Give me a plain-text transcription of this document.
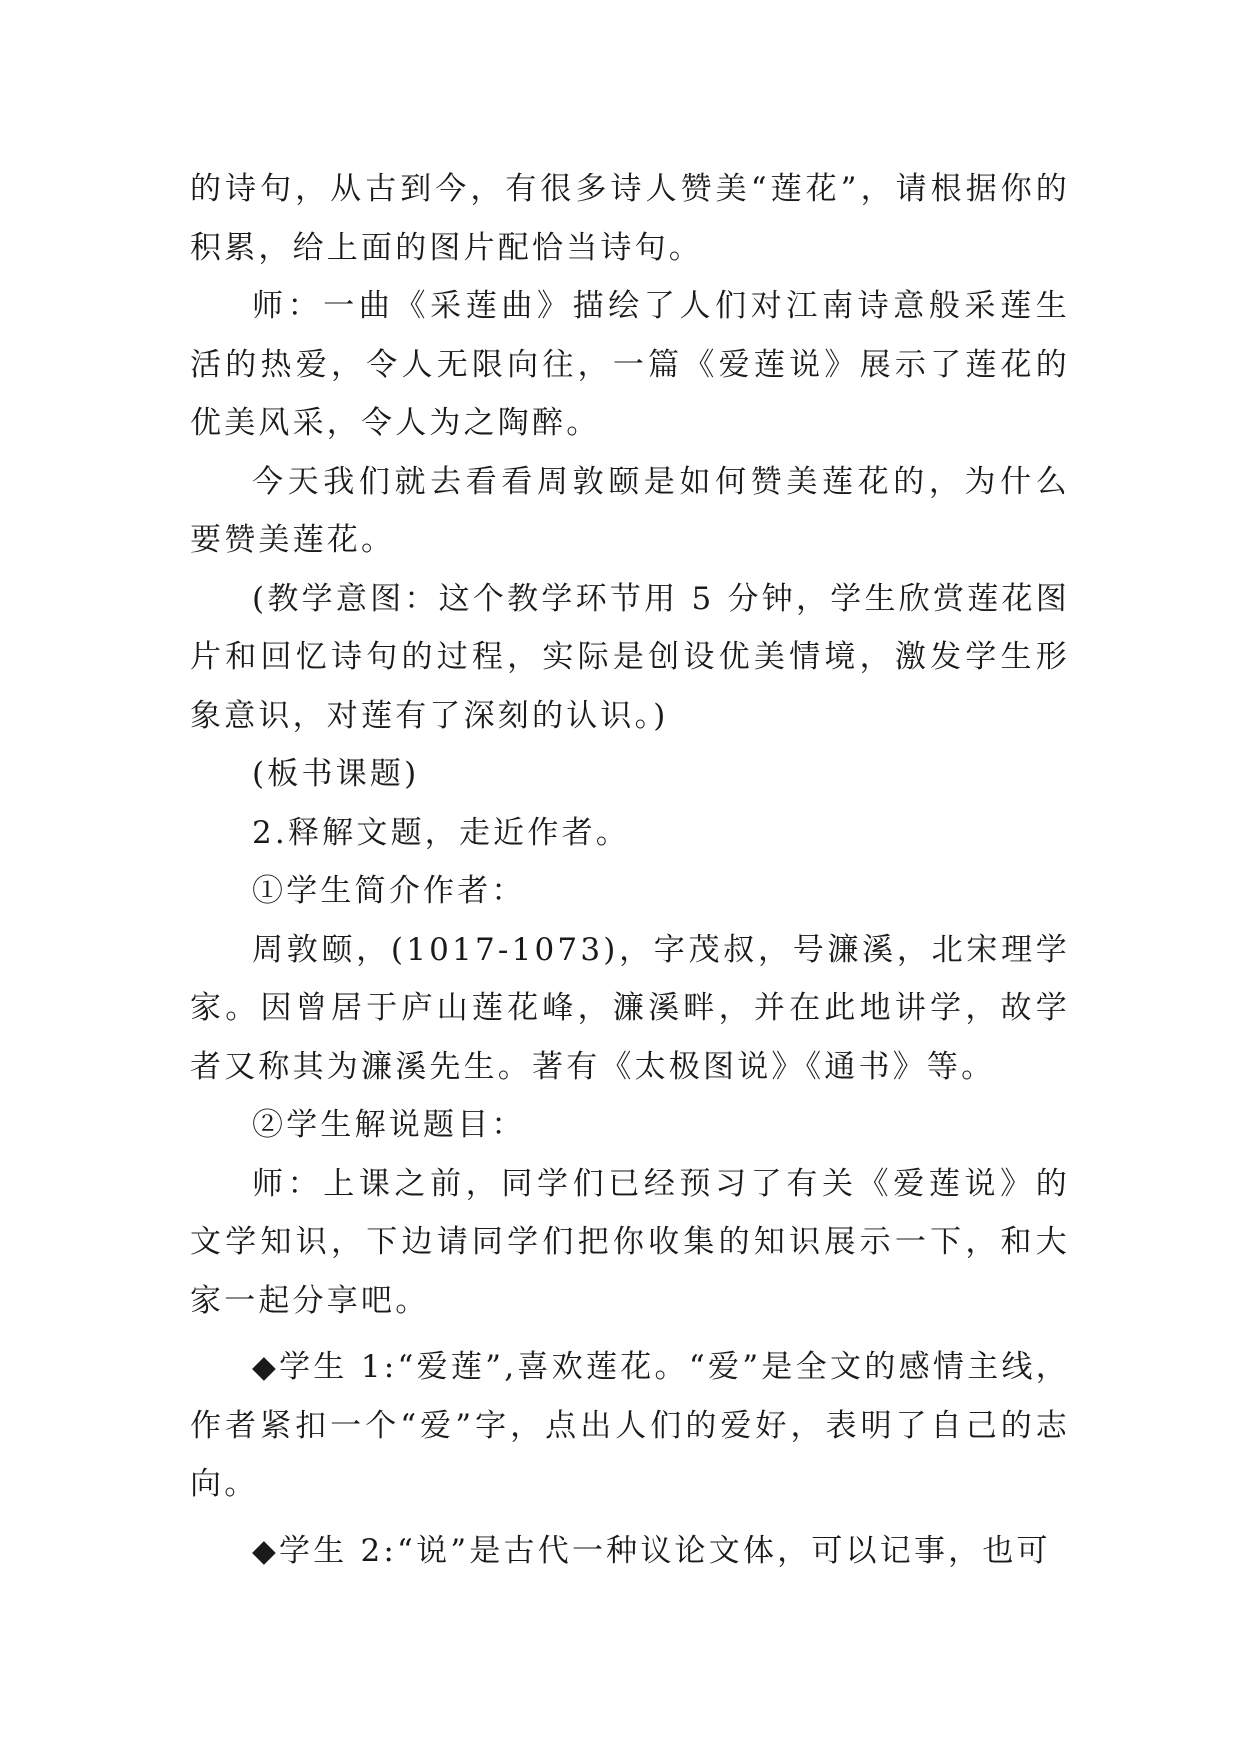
的诗句，从古到今，有很多诗人赞美“莲花”，请根据你的积累，给上面的图片配恰当诗句。

师：一曲《采莲曲》描绘了人们对江南诗意般采莲生活的热爱，令人无限向往，一篇《爱莲说》展示了莲花的优美风采，令人为之陶醉。

今天我们就去看看周敦颐是如何赞美莲花的，为什么要赞美莲花。

(教学意图：这个教学环节用 5 分钟，学生欣赏莲花图片和回忆诗句的过程，实际是创设优美情境，激发学生形象意识，对莲有了深刻的认识。)

(板书课题)

2.释解文题，走近作者。

①学生简介作者：

周敦颐，(1017-1073)，字茂叔，号濂溪，北宋理学家。因曾居于庐山莲花峰，濂溪畔，并在此地讲学，故学者又称其为濂溪先生。著有《太极图说》《通书》等。

②学生解说题目：

师：上课之前，同学们已经预习了有关《爱莲说》的文学知识，下边请同学们把你收集的知识展示一下，和大家一起分享吧。

◆学生 1:“爱莲”,喜欢莲花。“爱”是全文的感情主线，作者紧扣一个“爱”字，点出人们的爱好，表明了自己的志向。

◆学生 2:“说”是古代一种议论文体，可以记事，也可
